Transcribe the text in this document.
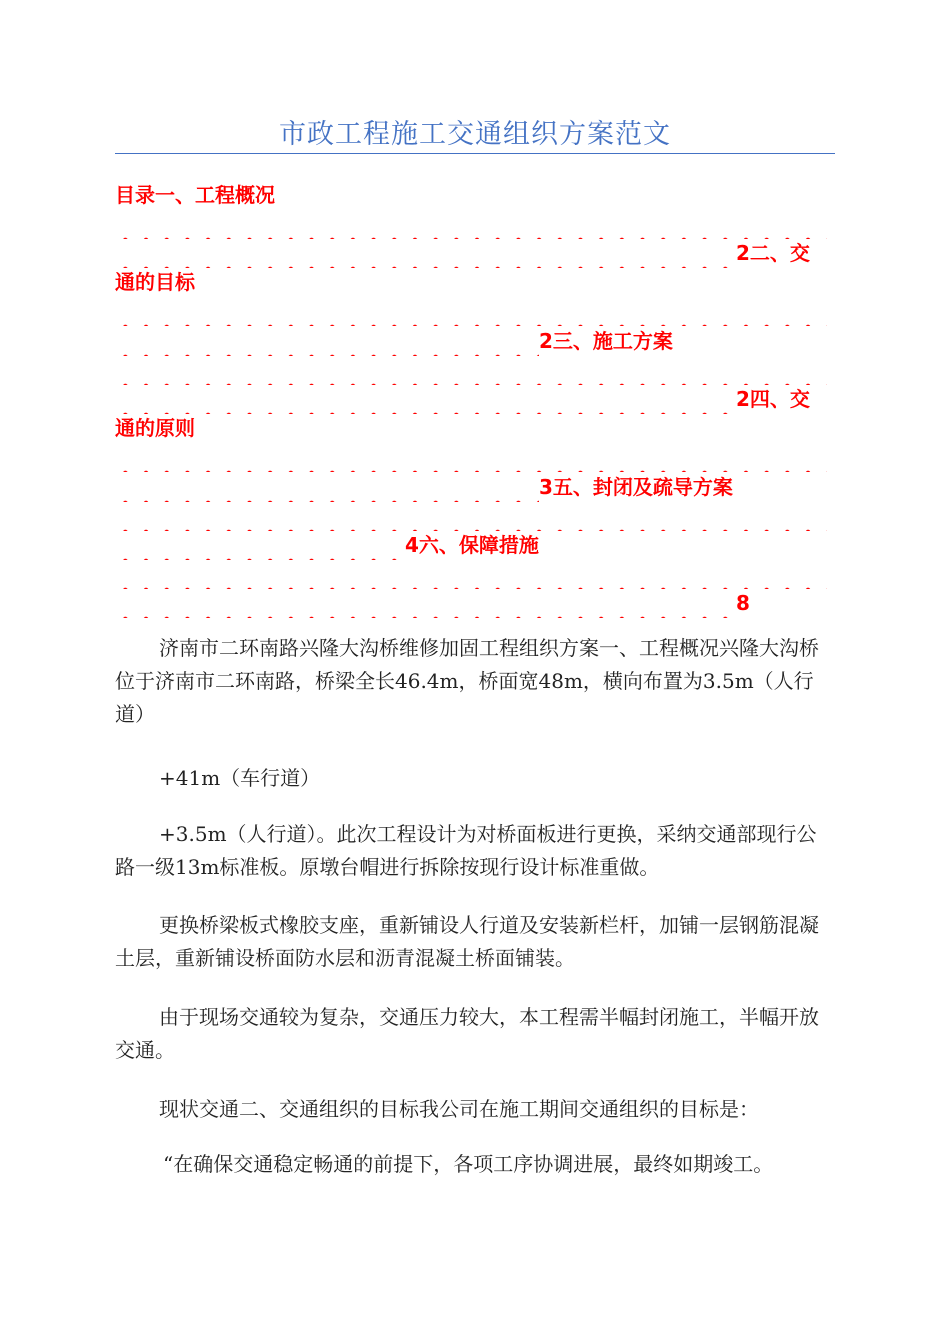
市政工程施工交通组织方案范文
目录一、工程概况
2二、交
通的目标
2三、施工方案
2四、交
通的原则
3五、封闭及疏导方案
4六、保障措施
8

济南市二环南路兴隆大沟桥维修加固工程组织方案一、工程概况兴隆大沟桥位于济南市二环南路，桥梁全长46.4m，桥面宽48m，横向布置为3.5m（人行道）

+41m（车行道）

+3.5m（人行道）。此次工程设计为对桥面板进行更换，采纳交通部现行公路一级13m标准板。原墩台帽进行拆除按现行设计标准重做。

更换桥梁板式橡胶支座，重新铺设人行道及安装新栏杆，加铺一层钢筋混凝土层，重新铺设桥面防水层和沥青混凝土桥面铺装。

由于现场交通较为复杂，交通压力较大，本工程需半幅封闭施工，半幅开放交通。

现状交通二、交通组织的目标我公司在施工期间交通组织的目标是：

“在确保交通稳定畅通的前提下，各项工序协调进展，最终如期竣工。
